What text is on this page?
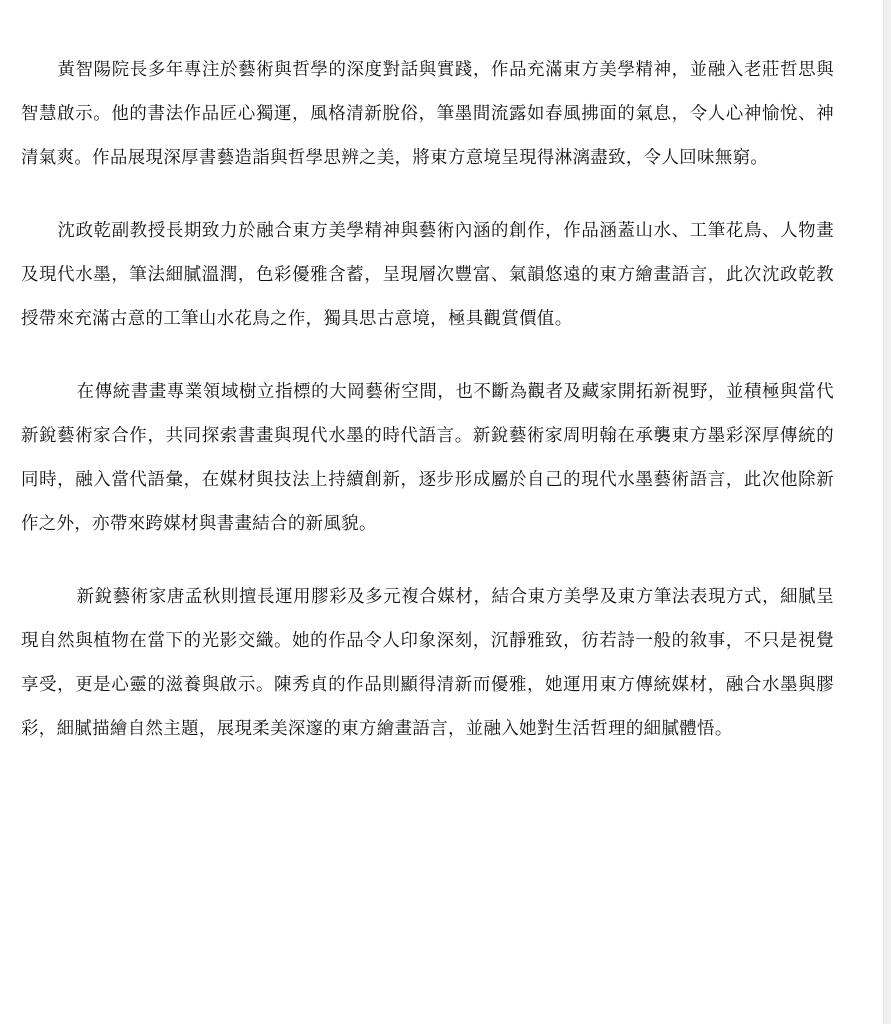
黃智陽院長多年專注於藝術與哲學的深度對話與實踐，作品充滿東方美學精神，並融入老莊哲思與智慧啟示。他的書法作品匠心獨運，風格清新脫俗，筆墨間流露如春風拂面的氣息，令人心神愉悅、神清氣爽。作品展現深厚書藝造詣與哲學思辨之美，將東方意境呈現得淋漓盡致，令人回味無窮。

沈政乾副教授長期致力於融合東方美學精神與藝術內涵的創作，作品涵蓋山水、工筆花鳥、人物畫及現代水墨，筆法細膩溫潤，色彩優雅含蓄，呈現層次豐富、氣韻悠遠的東方繪畫語言，此次沈政乾教授帶來充滿古意的工筆山水花鳥之作，獨具思古意境，極具觀賞價值。

在傳統書畫專業領域樹立指標的大岡藝術空間，也不斷為觀者及藏家開拓新視野，並積極與當代新銳藝術家合作，共同探索書畫與現代水墨的時代語言。新銳藝術家周明翰在承襲東方墨彩深厚傳統的同時，融入當代語彙，在媒材與技法上持續創新，逐步形成屬於自己的現代水墨藝術語言，此次他除新作之外，亦帶來跨媒材與書畫結合的新風貌。

新銳藝術家唐孟秋則擅長運用膠彩及多元複合媒材，結合東方美學及東方筆法表現方式，細膩呈現自然與植物在當下的光影交織。她的作品令人印象深刻，沉靜雅致，彷若詩一般的敘事，不只是視覺享受，更是心靈的滋養與啟示。陳秀貞的作品則顯得清新而優雅，她運用東方傳統媒材，融合水墨與膠彩，細膩描繪自然主題，展現柔美深邃的東方繪畫語言，並融入她對生活哲理的細膩體悟。
